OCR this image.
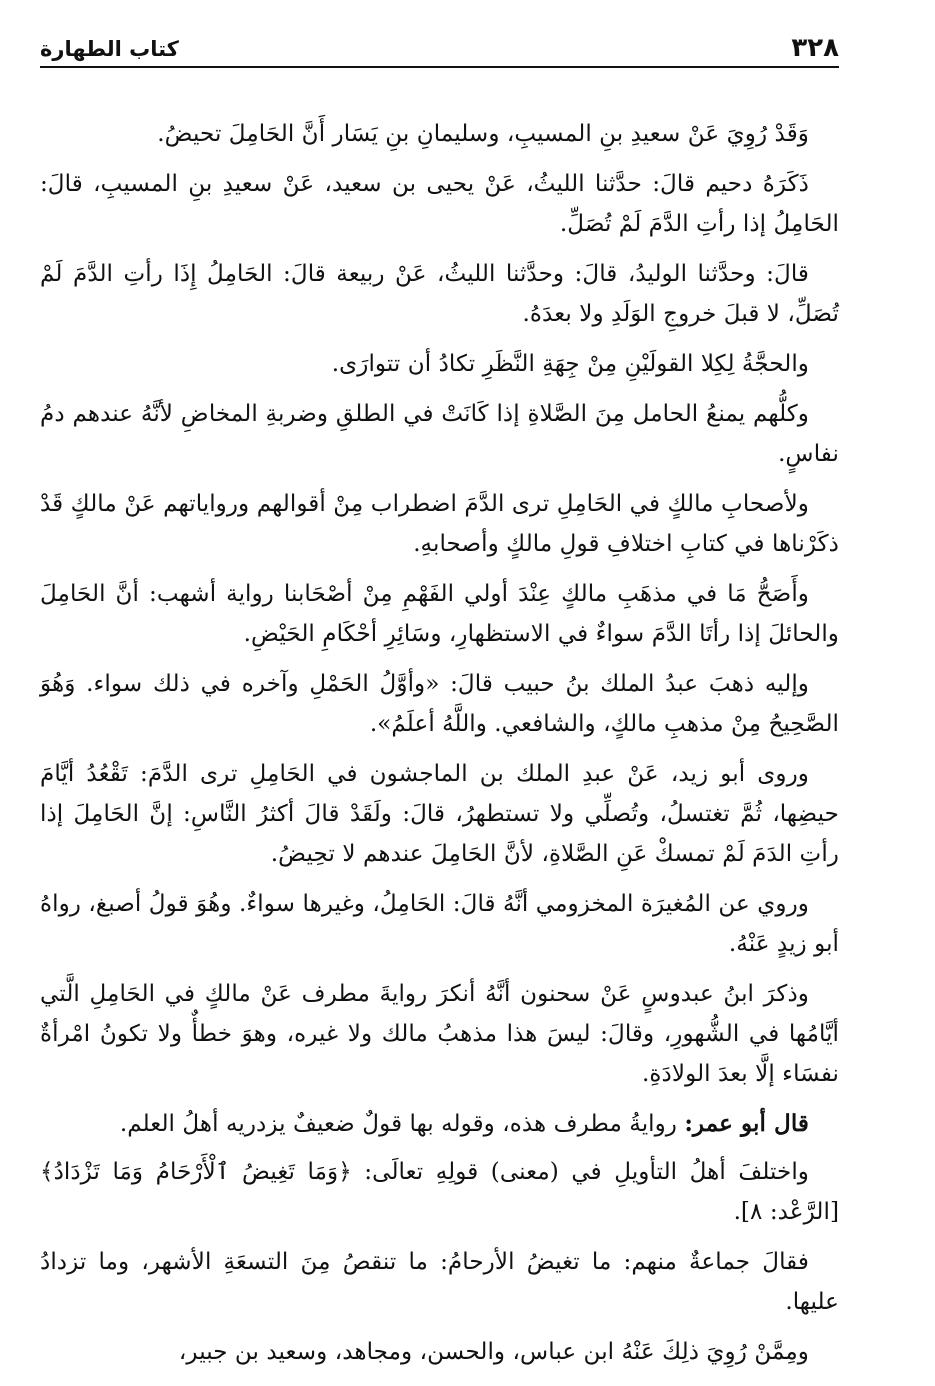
٣٢٨
كتاب الطهارة

وَقَدْ رُوِيَ عَنْ سعيدِ بنِ المسيبِ، وسليمانِ بنِ يَسَار أَنَّ الحَامِلَ تحيضُ.

ذَكَرَهُ دحيم قالَ: حدَّثنا الليثُ، عَنْ يحيى بن سعيد، عَنْ سعيدِ بنِ المسيبِ، قالَ: الحَامِلُ إذا رأتِ الدَّمَ لَمْ تُصَلِّ.

قالَ: وحدَّثنا الوليدُ، قالَ: وحدَّثنا الليثُ، عَنْ ربيعة قالَ: الحَامِلُ إِذَا رأتِ الدَّمَ لَمْ تُصَلِّ، لا قبلَ خروجِ الوَلَدِ ولا بعدَهُ.

والحجَّةُ لِكِلا القولَيْنِ مِنْ جِهَةِ النَّظَرِ تكادُ أن تتوارَى.

وكلُّهم يمنعُ الحامل مِنَ الصَّلاةِ إذا كَانَتْ في الطلقِ وضربةِ المخاضِ لأنَّهُ عندهم دمُ نفاسٍ.

ولأصحابِ مالكٍ في الحَامِلِ ترى الدَّمَ اضطراب مِنْ أقوالهم ورواياتهم عَنْ مالكٍ قَدْ ذكَرْناها في كتابِ اختلافِ قولِ مالكٍ وأصحابهِ.

وأَصَحُّ مَا في مذهَبِ مالكٍ عِنْدَ أولي الفَهْمِ مِنْ أصْحَابنا رواية أشهب: أنَّ الحَامِلَ والحائلَ إذا رأتَا الدَّمَ سواءٌ في الاستظهارِ، وسَائِرِ أحْكَامِ الحَيْضِ.

وإليه ذهبَ عبدُ الملك بنُ حبيب قالَ: «وأوَّلُ الحَمْلِ وآخره في ذلك سواء. وَهُوَ الصَّحِيحُ مِنْ مذهبِ مالكٍ، والشافعي. واللَّهُ أعلَمُ».

وروى أبو زيد، عَنْ عبدِ الملك بن الماجشون في الحَامِلِ ترى الدَّمَ: تَقْعُدُ أيَّامَ حيضِها، ثُمَّ تغتسلُ، وتُصلِّي ولا تستطهرُ، قالَ: ولَقَدْ قالَ أكثرُ النَّاسِ: إنَّ الحَامِلَ إذا رأتِ الدَمَ لَمْ تمسكْ عَنِ الصَّلاةِ، لأنَّ الحَامِلَ عندهم لا تحِيضُ.

وروي عن المُغيرَة المخزومي أنَّهُ قالَ: الحَامِلُ، وغيرها سواءٌ. وهُوَ قولُ أصبغ، رواهُ أبو زيدٍ عَنْهُ.

وذكرَ ابنُ عبدوسٍ عَنْ سحنون أنَّهُ أنكرَ روايةَ مطرف عَنْ مالكٍ في الحَامِلِ الَّتي أيَّامُها في الشُّهورِ، وقالَ: ليسَ هذا مذهبُ مالك ولا غيره، وهوَ خطأٌ ولا تكونُ امْرأةٌ نفسَاء إلَّا بعدَ الولادَةِ.

قال أبو عمر: روايةُ مطرف هذه، وقوله بها قولٌ ضعيفٌ يزدريه أهلُ العلم.

واختلفَ أهلُ التأويلِ في (معنى) قولِهِ تعالَى: ﴿وَمَا تَغِيضُ ٱلْأَرْحَامُ وَمَا تَزْدَادُ﴾ [الرَّعْد: ٨].

فقالَ جماعةٌ منهم: ما تغيضُ الأرحامُ: ما تنقصُ مِنَ التسعَةِ الأشهر، وما تزدادُ عليها.

ومِمَّنْ رُوِيَ ذلِكَ عَنْهُ ابن عباس، والحسن، ومجاهد، وسعيد بن جبير،
